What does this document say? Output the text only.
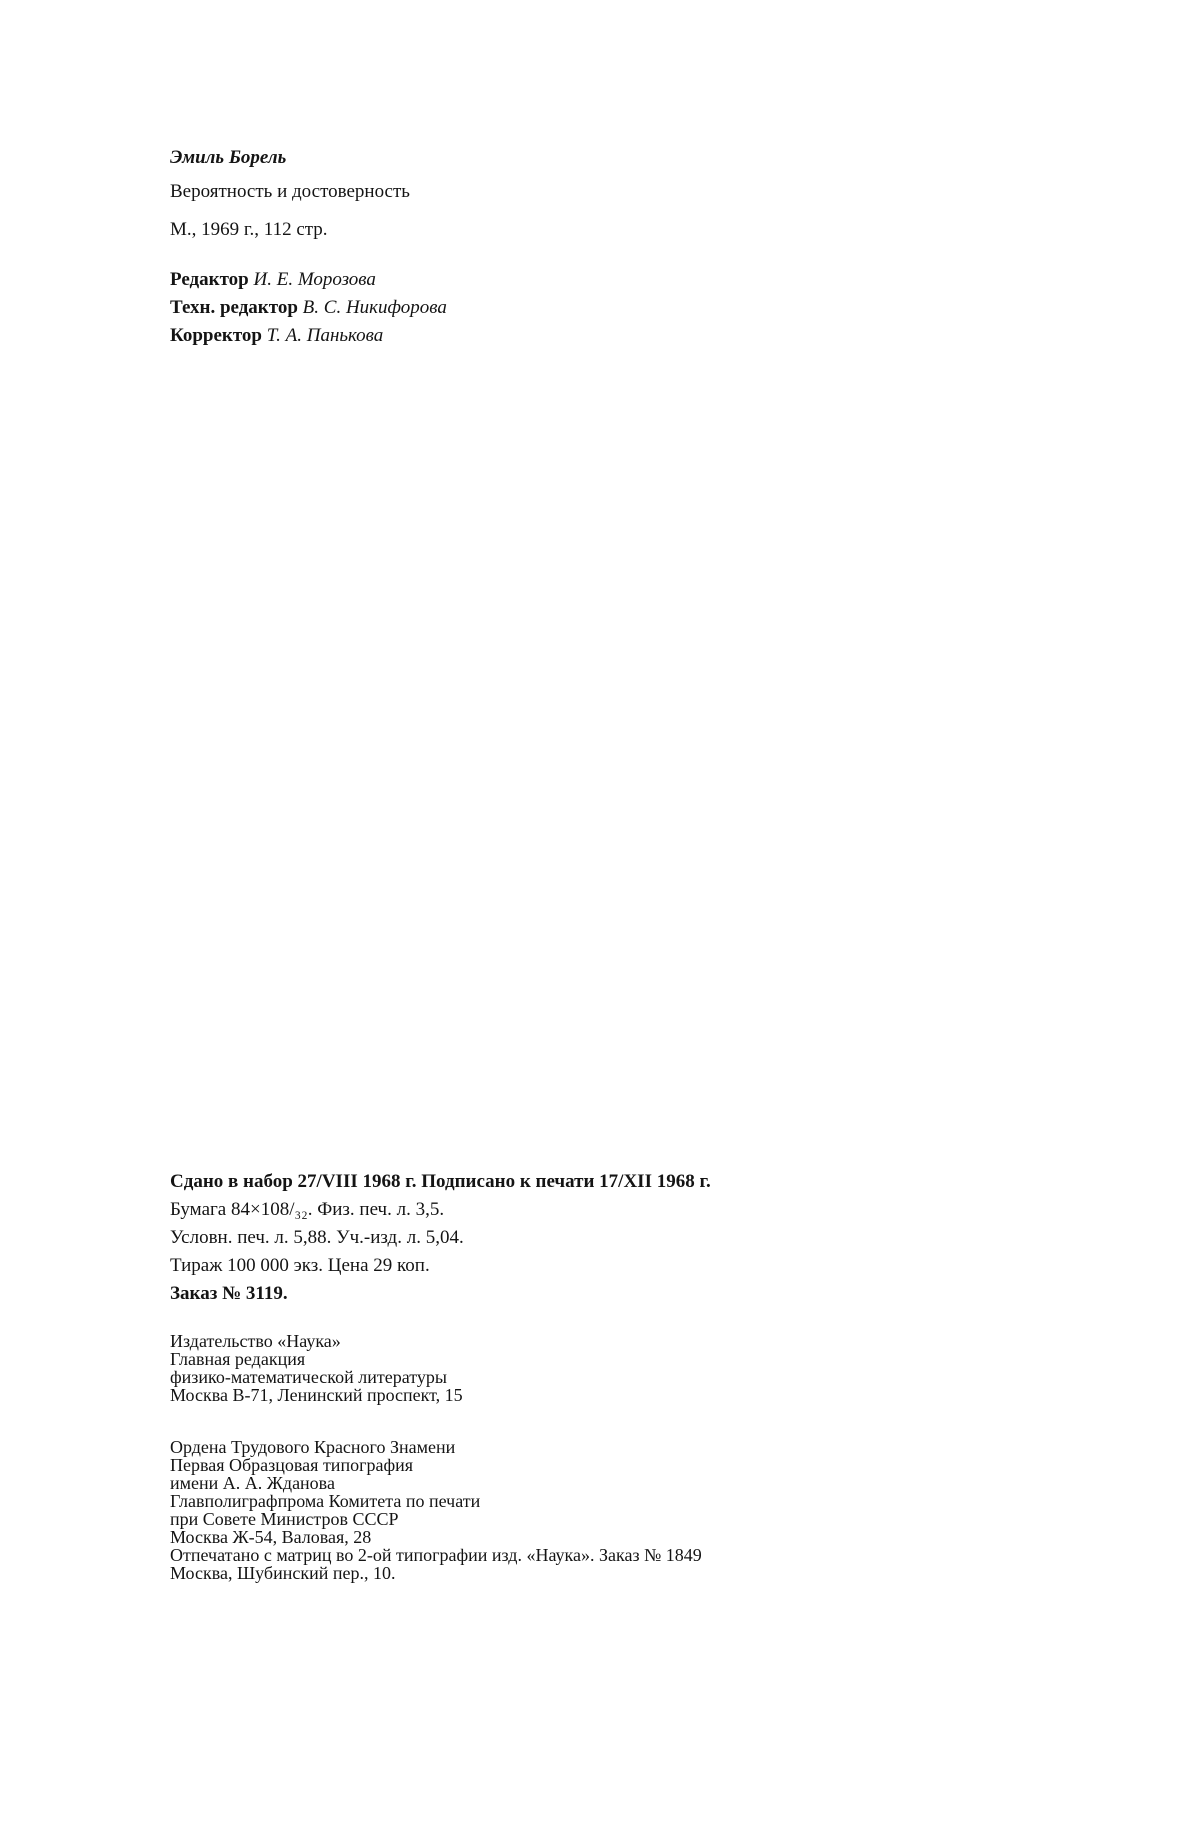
Эмиль Борель
Вероятность и достоверность
М., 1969 г., 112 стр.
Редактор И. Е. Морозова
Техн. редактор В. С. Никифорова
Корректор Т. А. Панькова
Сдано в набор 27/VIII 1968 г. Подписано к печати 17/XII 1968 г.
Бумага 84×108/₃₂. Физ. печ. л. 3,5.
Условн. печ. л. 5,88. Уч.-изд. л. 5,04.
Тираж 100 000 экз. Цена 29 коп.
Заказ № 3119.
Издательство «Наука»
Главная редакция
физико-математической литературы
Москва В-71, Ленинский проспект, 15
Ордена Трудового Красного Знамени
Первая Образцовая типография
имени А. А. Жданова
Главполиграфпрома Комитета по печати
при Совете Министров СССР
Москва Ж-54, Валовая, 28
Отпечатано с матриц во 2-ой типографии изд. «Наука». Заказ № 1849
Москва, Шубинский пер., 10.
